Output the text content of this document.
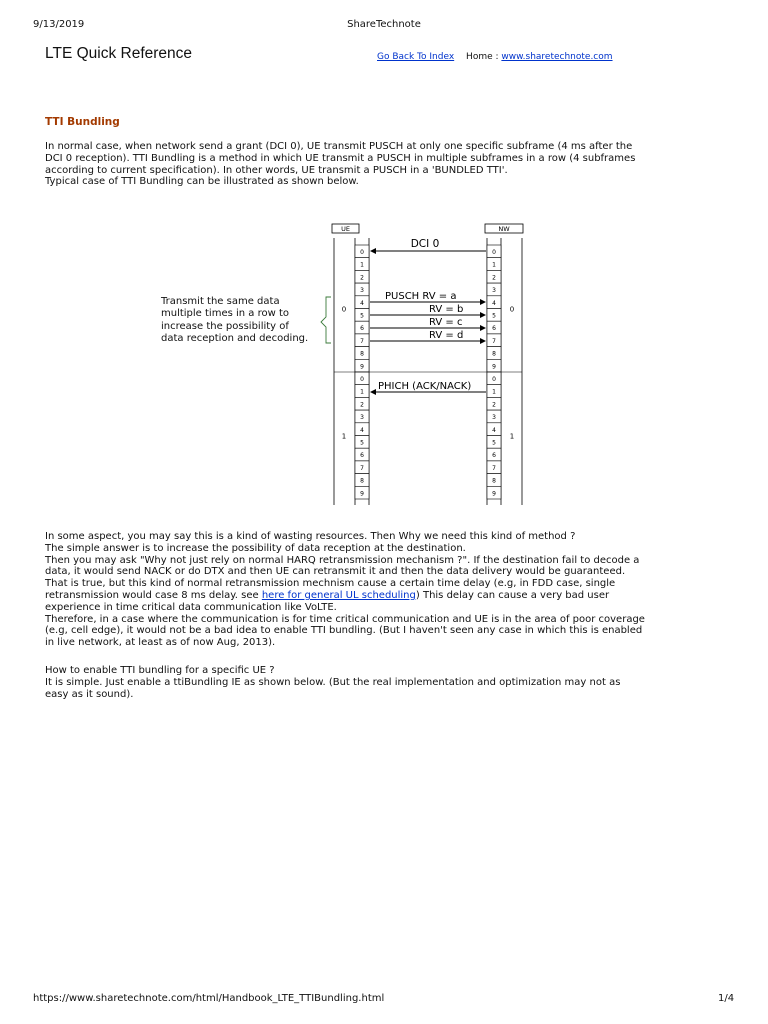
9/13/2019	ShareTechnote
LTE Quick Reference	Go Back To Index Home : www.sharetechnote.com
TTI Bundling
In normal case, when network send a grant (DCI 0), UE transmit PUSCH at only one specific subframe (4 ms after the
DCI 0 reception). TTI Bundling is a method in which UE transmit a PUSCH in multiple subframes in a row (4 subframes
according to current specification). In other words, UE transmit a PUSCH in a 'BUNDLED TTI'.
Typical case of TTI Bundling can be illustrated as shown below.
UE	NW
0	0
1	1
2	2
3	3
4	4
5	5
6	6
7	7
8	8
9	9
0	0
0	0
1	1
2	2
3	3
4	4
5	5
6	6
7	7
8	8
9	9
1	1
DCI 0
PUSCH RV = a
RV = b
RV = c
RV = d
PHICH (ACK/NACK)
Transmit the same data
multiple times in a row to
increase the possibility of
data reception and decoding.
In some aspect, you may say this is a kind of wasting resources. Then Why we need this kind of method ?
The simple answer is to increase the possibility of data reception at the destination.
Then you may ask "Why not just rely on normal HARQ retransmission mechanism ?". If the destination fail to decode a
data, it would send NACK or do DTX and then UE can retransmit it and then the data delivery would be guaranteed.
That is true, but this kind of normal retransmission mechnism cause a certain time delay (e.g, in FDD case, single
retransmission would case 8 ms delay. see here for general UL scheduling) This delay can cause a very bad user
experience in time critical data communication like VoLTE.
Therefore, in a case where the communication is for time critical communication and UE is in the area of poor coverage
(e.g, cell edge), it would not be a bad idea to enable TTI bundling. (But I haven't seen any case in which this is enabled
in live network, at least as of now Aug, 2013).
How to enable TTI bundling for a specific UE ?
It is simple. Just enable a ttiBundling IE as shown below. (But the real implementation and optimization may not as
easy as it sound).
https://www.sharetechnote.com/html/Handbook_LTE_TTIBundling.html	1/4
